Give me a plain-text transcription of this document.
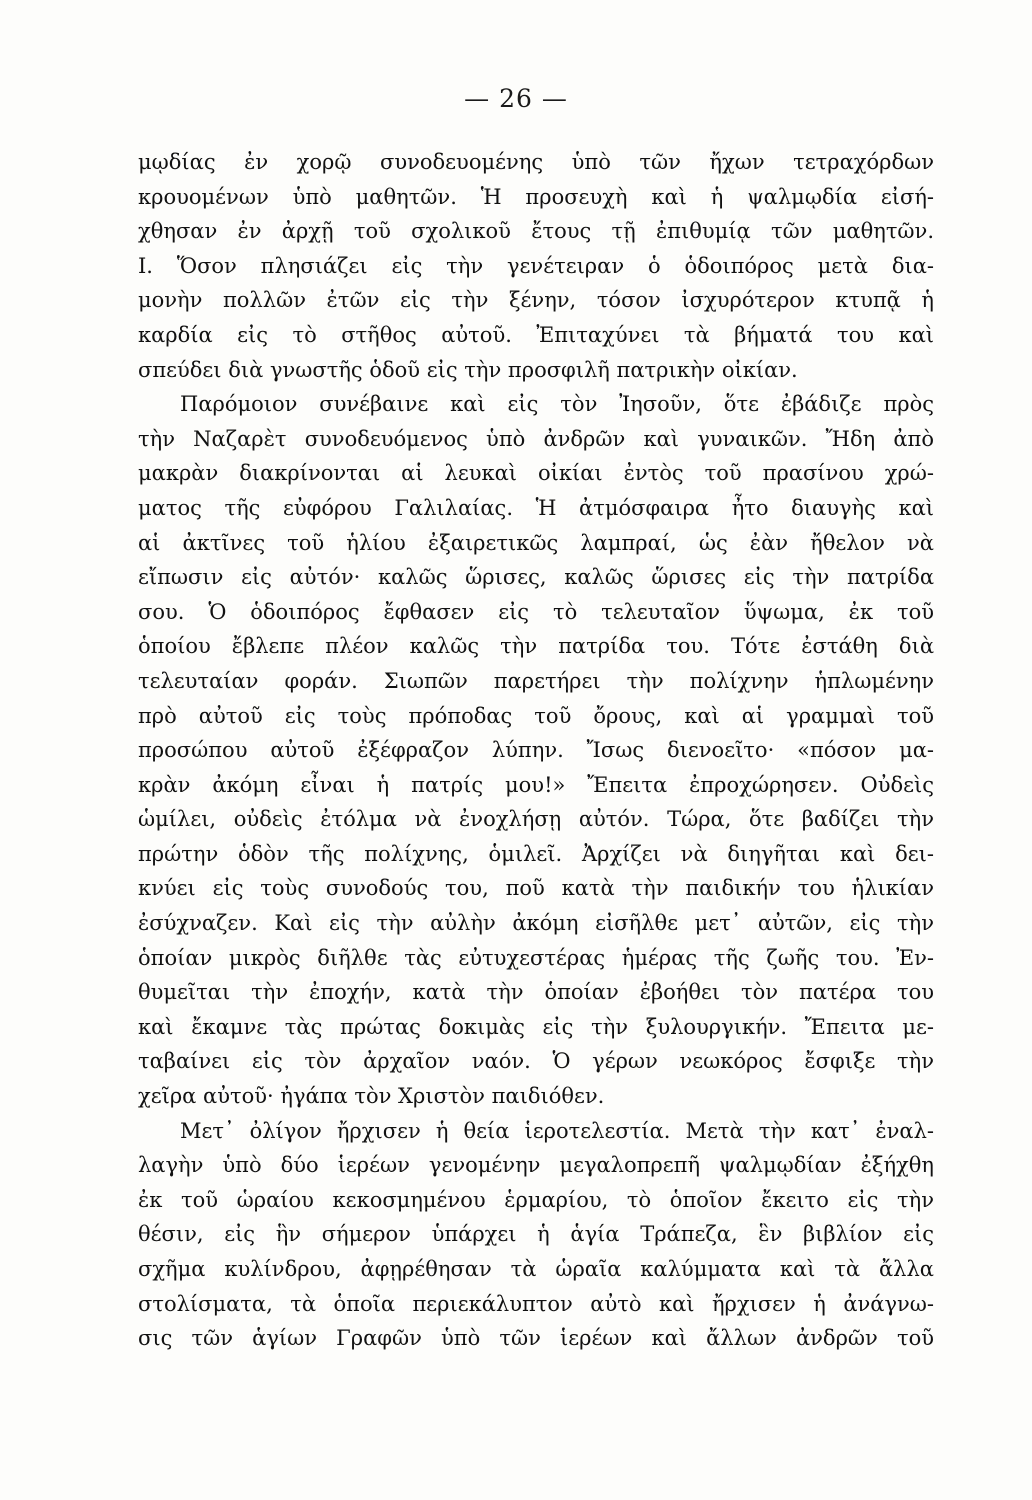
— 26 —
μῳδίας ἐν χορῷ συνοδευομένης ὑπὸ τῶν ἤχων τετραχόρδων
κρουομένων ὑπὸ μαθητῶν. Ἡ προσευχὴ καὶ ἡ ψαλμῳδία εἰσή-
χθησαν ἐν ἀρχῇ τοῦ σχολικοῦ ἔτους τῇ ἐπιθυμίᾳ τῶν μαθητῶν.
Ι. Ὅσον πλησιάζει εἰς τὴν γενέτειραν ὁ ὁδοιπόρος μετὰ δια-
μονὴν πολλῶν ἐτῶν εἰς τὴν ξένην, τόσον ἰσχυρότερον κτυπᾷ ἡ
καρδία εἰς τὸ στῆθος αὐτοῦ. Ἐπιταχύνει τὰ βήματά του καὶ
σπεύδει διὰ γνωστῆς ὁδοῦ εἰς τὴν προσφιλῆ πατρικὴν οἰκίαν.
Παρόμοιον συνέβαινε καὶ εἰς τὸν Ἰησοῦν, ὅτε ἐβάδιζε πρὸς
τὴν Ναζαρὲτ συνοδευόμενος ὑπὸ ἀνδρῶν καὶ γυναικῶν. Ἤδη ἀπὸ
μακρὰν διακρίνονται αἱ λευκαὶ οἰκίαι ἐντὸς τοῦ πρασίνου χρώ-
ματος τῆς εὐφόρου Γαλιλαίας. Ἡ ἀτμόσφαιρα ἦτο διαυγὴς καὶ
αἱ ἀκτῖνες τοῦ ἡλίου ἐξαιρετικῶς λαμπραί, ὡς ἐὰν ἤθελον νὰ
εἴπωσιν εἰς αὐτόν· καλῶς ὥρισες, καλῶς ὥρισες εἰς τὴν πατρίδα
σου. Ὁ ὁδοιπόρος ἔφθασεν εἰς τὸ τελευταῖον ὕψωμα, ἐκ τοῦ
ὁποίου ἔβλεπε πλέον καλῶς τὴν πατρίδα του. Τότε ἐστάθη διὰ
τελευταίαν φοράν. Σιωπῶν παρετήρει τὴν πολίχνην ἡπλωμένην
πρὸ αὐτοῦ εἰς τοὺς πρόποδας τοῦ ὄρους, καὶ αἱ γραμμαὶ τοῦ
προσώπου αὐτοῦ ἐξέφραζον λύπην. Ἴσως διενοεῖτο· «πόσον μα-
κρὰν ἀκόμη εἶναι ἡ πατρίς μου!» Ἔπειτα ἐπροχώρησεν. Οὐδεὶς
ὡμίλει, οὐδεὶς ἐτόλμα νὰ ἐνοχλήσῃ αὐτόν. Τώρα, ὅτε βαδίζει τὴν
πρώτην ὁδὸν τῆς πολίχνης, ὁμιλεῖ. Ἀρχίζει νὰ διηγῆται καὶ δει-
κνύει εἰς τοὺς συνοδούς του, ποῦ κατὰ τὴν παιδικήν του ἡλικίαν
ἐσύχναζεν. Καὶ εἰς τὴν αὐλὴν ἀκόμη εἰσῆλθε μετ᾽ αὐτῶν, εἰς τὴν
ὁποίαν μικρὸς διῆλθε τὰς εὐτυχεστέρας ἡμέρας τῆς ζωῆς του. Ἐν-
θυμεῖται τὴν ἐποχήν, κατὰ τὴν ὁποίαν ἐβοήθει τὸν πατέρα του
καὶ ἔκαμνε τὰς πρώτας δοκιμὰς εἰς τὴν ξυλουργικήν. Ἔπειτα με-
ταβαίνει εἰς τὸν ἀρχαῖον ναόν. Ὁ γέρων νεωκόρος ἔσφιξε τὴν
χεῖρα αὐτοῦ· ἠγάπα τὸν Χριστὸν παιδιόθεν.
Μετ᾽ ὀλίγον ἤρχισεν ἡ θεία ἱεροτελεστία. Μετὰ τὴν κατ᾽ ἐναλ-
λαγὴν ὑπὸ δύο ἱερέων γενομένην μεγαλοπρεπῆ ψαλμῳδίαν ἐξήχθη
ἐκ τοῦ ὡραίου κεκοσμημένου ἑρμαρίου, τὸ ὁποῖον ἔκειτο εἰς τὴν
θέσιν, εἰς ἣν σήμερον ὑπάρχει ἡ ἁγία Τράπεζα, ἓν βιβλίον εἰς
σχῆμα κυλίνδρου, ἀφῃρέθησαν τὰ ὡραῖα καλύμματα καὶ τὰ ἄλλα
στολίσματα, τὰ ὁποῖα περιεκάλυπτον αὐτὸ καὶ ἤρχισεν ἡ ἀνάγνω-
σις τῶν ἁγίων Γραφῶν ὑπὸ τῶν ἱερέων καὶ ἄλλων ἀνδρῶν τοῦ
